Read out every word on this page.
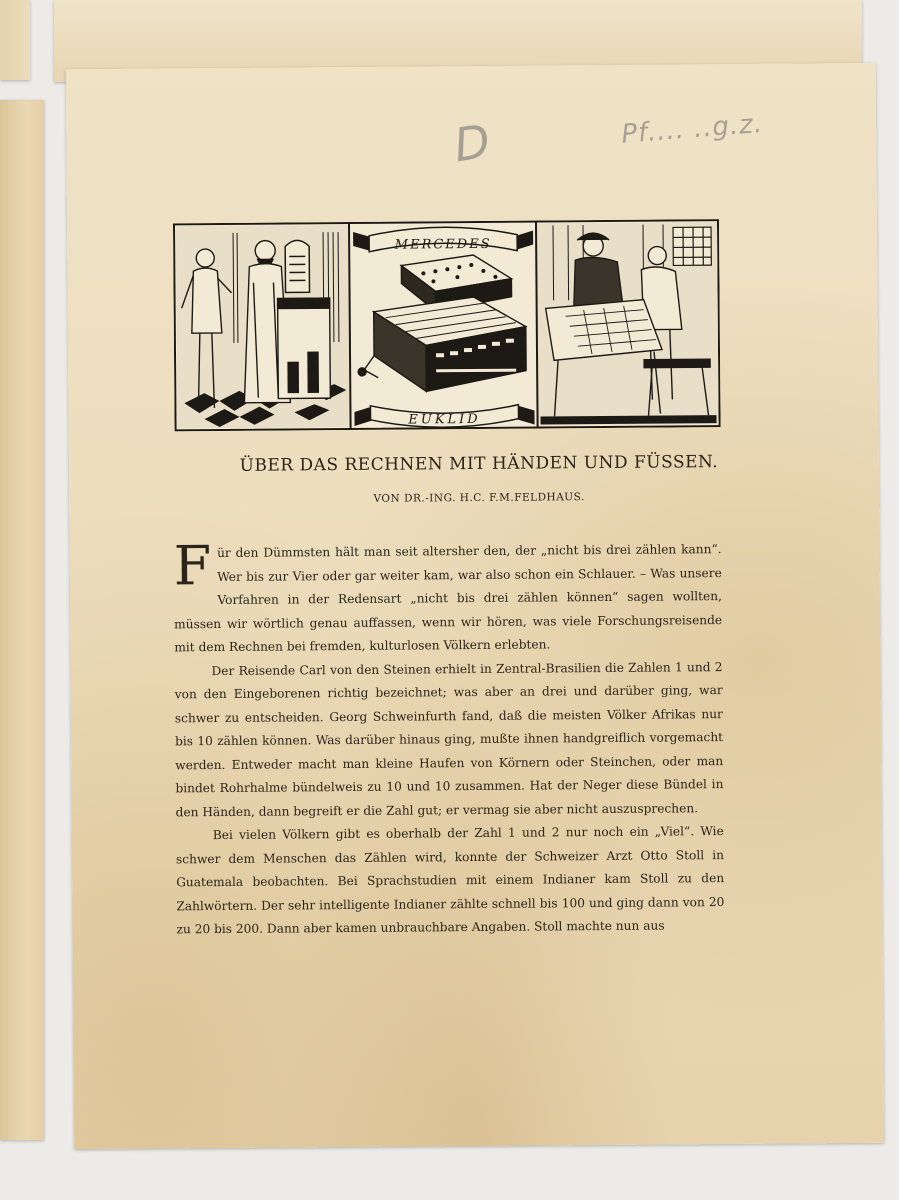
D	Pf.... ..g.z.
MERCEDES
EUKLID
ÜBER DAS RECHNEN MIT HÄNDEN UND FÜSSEN.
VON DR.-ING. H.C. F.M.FELDHAUS.

Für den Dümmsten hält man seit altersher den, der „nicht bis drei zählen kann“. Wer bis zur Vier oder gar weiter kam, war also schon ein Schlauer. – Was unsere Vorfahren in der Redensart „nicht bis drei zählen können“ sagen wollten, müssen wir wörtlich genau auffassen, wenn wir hören, was viele Forschungsreisende mit dem Rechnen bei fremden, kulturlosen Völkern erlebten.

Der Reisende Carl von den Steinen erhielt in Zentral-Brasilien die Zahlen 1 und 2 von den Eingeborenen richtig bezeichnet; was aber an drei und darüber ging, war schwer zu entscheiden. Georg Schweinfurth fand, daß die meisten Völker Afrikas nur bis 10 zählen können. Was darüber hinaus ging, mußte ihnen handgreiflich vorgemacht werden. Entweder macht man kleine Haufen von Körnern oder Steinchen, oder man bindet Rohrhalme bündelweis zu 10 und 10 zusammen. Hat der Neger diese Bündel in den Händen, dann begreift er die Zahl gut; er vermag sie aber nicht auszusprechen.

Bei vielen Völkern gibt es oberhalb der Zahl 1 und 2 nur noch ein „Viel“. Wie schwer dem Menschen das Zählen wird, konnte der Schweizer Arzt Otto Stoll in Guatemala beobachten. Bei Sprachstudien mit einem Indianer kam Stoll zu den Zahlwörtern. Der sehr intelligente Indianer zählte schnell bis 100 und ging dann von 20 zu 20 bis 200. Dann aber kamen unbrauchbare Angaben. Stoll machte nun aus
